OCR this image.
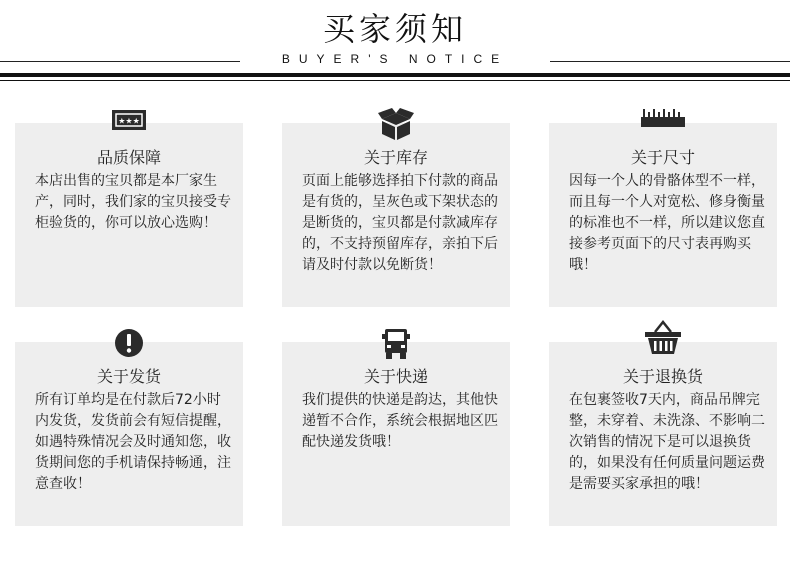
买家须知
BUYER'S NOTICE
★★★
品质保障
本店出售的宝贝都是本厂家生产，同时，我们家的宝贝接受专柜验货的，你可以放心选购！
关于库存
页面上能够选择拍下付款的商品是有货的，呈灰色或下架状态的是断货的，宝贝都是付款减库存的，不支持预留库存，亲拍下后请及时付款以免断货！
关于尺寸
因每一个人的骨骼体型不一样，而且每一个人对宽松、修身衡量的标准也不一样，所以建议您直接参考页面下的尺寸表再购买哦！
关于发货
所有订单均是在付款后72小时内发货，发货前会有短信提醒，如遇特殊情况会及时通知您，收货期间您的手机请保持畅通，注意查收！
关于快递
我们提供的快递是韵达，其他快递暂不合作，系统会根据地区匹配快递发货哦！
关于退换货
在包裹签收7天内，商品吊牌完整，未穿着、未洗涤、不影响二次销售的情况下是可以退换货的，如果没有任何质量问题运费是需要买家承担的哦！
